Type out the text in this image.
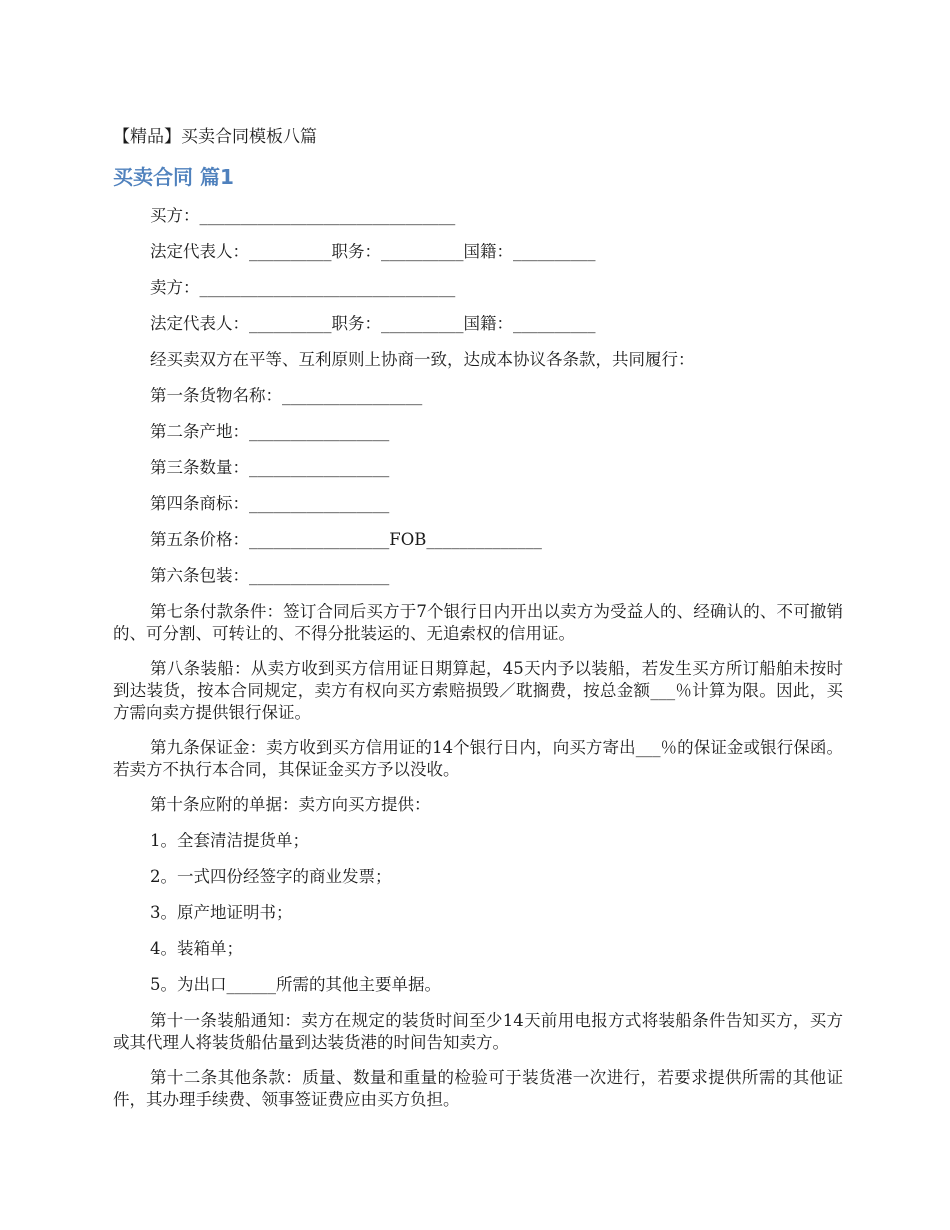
【精品】买卖合同模板八篇
买卖合同 篇1
买方：_______________________________
法定代表人：__________职务：__________国籍：__________
卖方：_______________________________
法定代表人：__________职务：__________国籍：__________
经买卖双方在平等、互利原则上协商一致，达成本协议各条款，共同履行：
第一条货物名称：_________________
第二条产地：_________________
第三条数量：_________________
第四条商标：_________________
第五条价格：_________________FOB______________
第六条包装：_________________
第七条付款条件：签订合同后买方于7个银行日内开出以卖方为受益人的、经确认的、不可撤销的、可分割、可转让的、不得分批装运的、无追索权的信用证。
第八条装船：从卖方收到买方信用证日期算起，45天内予以装船，若发生买方所订船舶未按时到达装货，按本合同规定，卖方有权向买方索赔损毁／耽搁费，按总金额___％计算为限。因此，买方需向卖方提供银行保证。
第九条保证金：卖方收到买方信用证的14个银行日内，向买方寄出___％的保证金或银行保函。若卖方不执行本合同，其保证金买方予以没收。
第十条应附的单据：卖方向买方提供：
1。全套清洁提货单；
2。一式四份经签字的商业发票；
3。原产地证明书；
4。装箱单；
5。为出口______所需的其他主要单据。
第十一条装船通知：卖方在规定的装货时间至少14天前用电报方式将装船条件告知买方，买方或其代理人将装货船估量到达装货港的时间告知卖方。
第十二条其他条款：质量、数量和重量的检验可于装货港一次进行，若要求提供所需的其他证件，其办理手续费、领事签证费应由买方负担。
